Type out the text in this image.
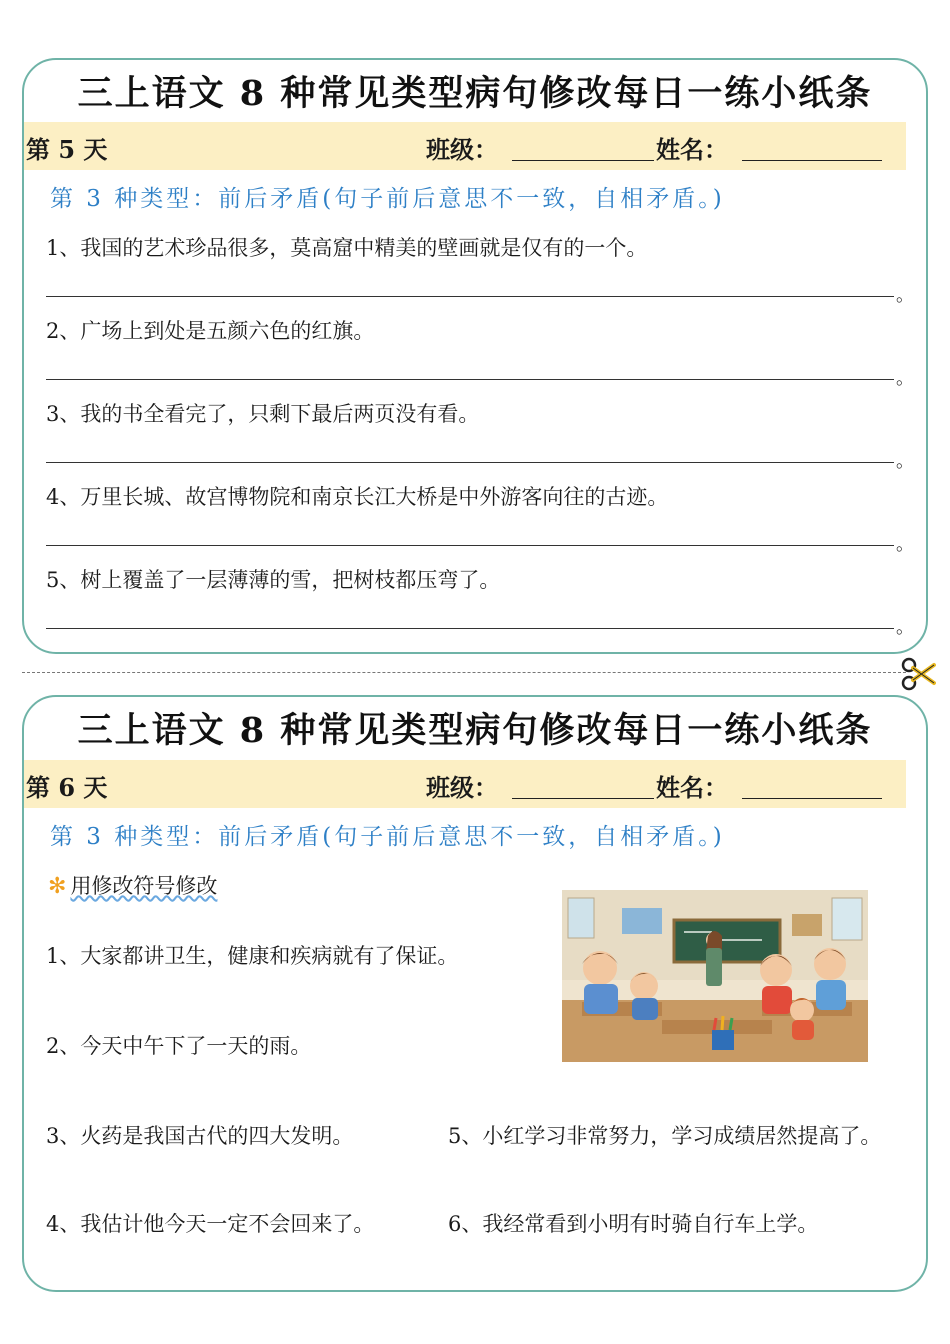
三上语文 8 种常见类型病句修改每日一练小纸条
第 5 天	班级：	姓名：
第 3 种类型：前后矛盾(句子前后意思不一致，自相矛盾。)
1、我国的艺术珍品很多，莫高窟中精美的壁画就是仅有的一个。
。
2、广场上到处是五颜六色的红旗。
。
3、我的书全看完了，只剩下最后两页没有看。
。
4、万里长城、故宫博物院和南京长江大桥是中外游客向往的古迹。
。
5、树上覆盖了一层薄薄的雪，把树枝都压弯了。
。
三上语文 8 种常见类型病句修改每日一练小纸条
第 6 天	班级：	姓名：
第 3 种类型：前后矛盾(句子前后意思不一致，自相矛盾。)
✻ 用修改符号修改
1、大家都讲卫生，健康和疾病就有了保证。
2、今天中午下了一天的雨。
3、火药是我国古代的四大发明。	5、小红学习非常努力，学习成绩居然提高了。
4、我估计他今天一定不会回来了。	6、我经常看到小明有时骑自行车上学。
